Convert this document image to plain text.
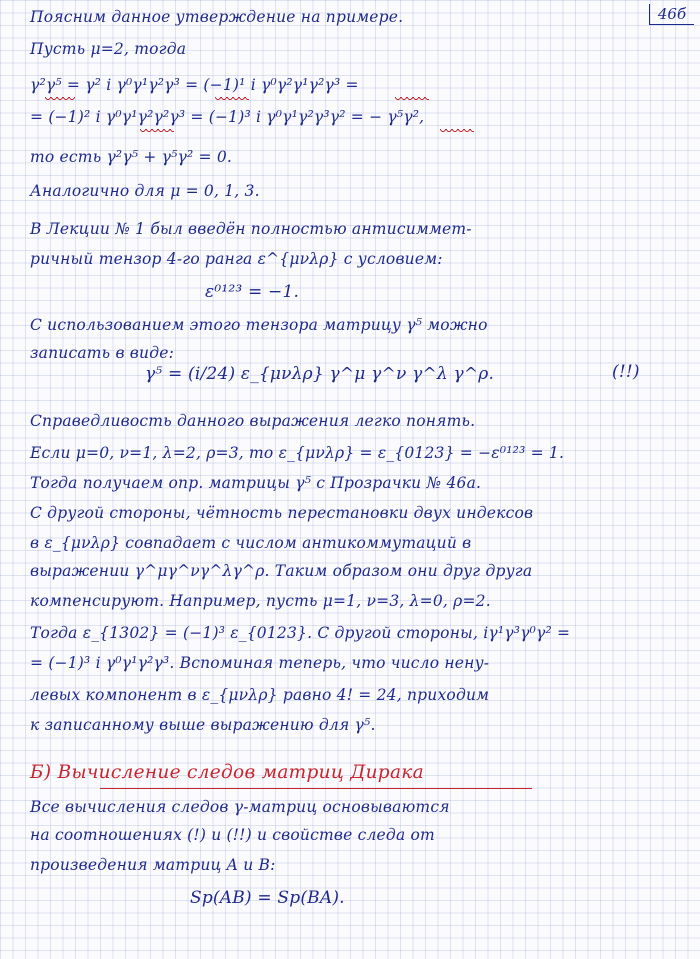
46б
Поясним данное утверждение на примере.
Пусть μ=2, тогда
γ²γ⁵ = γ² i γ⁰γ¹γ²γ³ = (−1)¹ i γ⁰γ²γ¹γ²γ³ =
= (−1)² i γ⁰γ¹γ²γ²γ³ = (−1)³ i γ⁰γ¹γ²γ³γ² = − γ⁵γ²,
то есть γ²γ⁵ + γ⁵γ² = 0.
Аналогично для μ = 0, 1, 3.
В Лекции № 1 был введён полностью антисиммет-
ричный тензор 4-го ранга ε^{μνλρ} с условием:
ε⁰¹²³ = −1.
С использованием этого тензора матрицу γ⁵ можно
записать в виде:
γ⁵ = (i/24) ε_{μνλρ} γ^μ γ^ν γ^λ γ^ρ.	(!!)
Справедливость данного выражения легко понять.
Если μ=0, ν=1, λ=2, ρ=3, то ε_{μνλρ} = ε_{0123} = −ε⁰¹²³ = 1.
Тогда получаем опр. матрицы γ⁵ с Прозрачки № 46а.
С другой стороны, чётность перестановки двух индексов
в ε_{μνλρ} совпадает с числом антикоммутаций в
выражении γ^μγ^νγ^λγ^ρ. Таким образом они друг друга
компенсируют. Например, пусть μ=1, ν=3, λ=0, ρ=2.
Тогда ε_{1302} = (−1)³ ε_{0123}. С другой стороны, iγ¹γ³γ⁰γ² =
= (−1)³ i γ⁰γ¹γ²γ³. Вспоминая теперь, что число нену-
левых компонент в ε_{μνλρ} равно 4! = 24, приходим
к записанному выше выражению для γ⁵.
Б) Вычисление следов матриц Дирака
Все вычисления следов γ-матриц основываются
на соотношениях (!) и (!!) и свойстве следа от
произведения матриц A и B:
Sp(AB) = Sp(BA).
